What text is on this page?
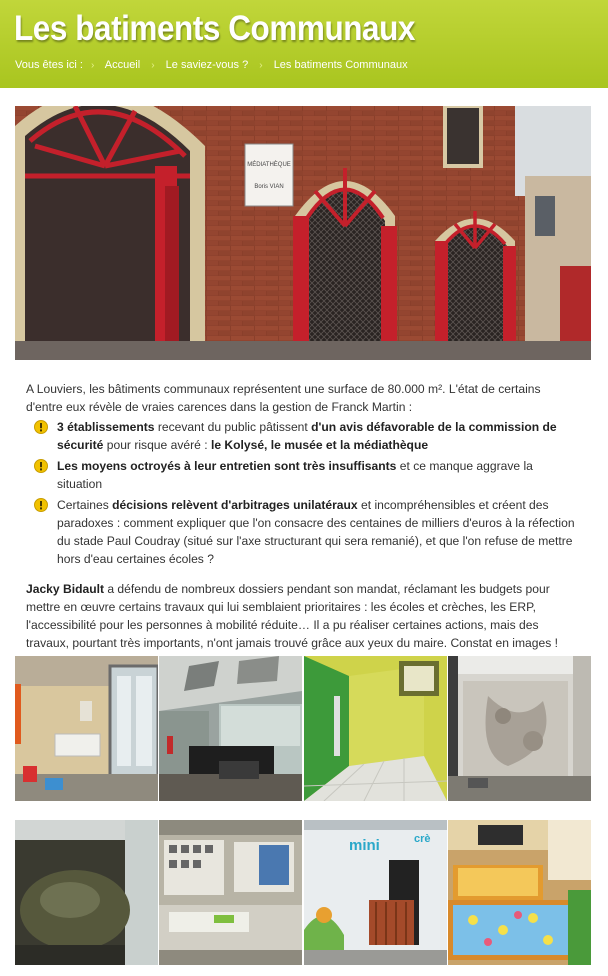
Les batiments Communaux
Vous êtes ici : › Accueil › Le saviez-vous ? › Les batiments Communaux
MÉDIATHÈQUE
Boris VIAN

A Louviers, les bâtiments communaux représentent une surface de 80.000 m². L'état de certains d'entre eux révèle de vraies carences dans la gestion de Franck Martin :

3 établissements recevant du public pâtissent d'un avis défavorable de la commission de sécurité pour risque avéré : le Kolysé, le musée et la médiathèque
Les moyens octroyés à leur entretien sont très insuffisants et ce manque aggrave la situation
Certaines décisions relèvent d'arbitrages unilatéraux et incompréhensibles et créent des paradoxes : comment expliquer que l'on consacre des centaines de milliers d'euros à la réfection du stade Paul Coudray (situé sur l'axe structurant qui sera remanié), et que l'on refuse de mettre hors d'eau certaines écoles ?

Jacky Bidault a défendu de nombreux dossiers pendant son mandat, réclamant les budgets pour mettre en œuvre certains travaux qui lui semblaient prioritaires : les écoles et crèches, les ERP, l'accessibilité pour les personnes à mobilité réduite… Il a pu réaliser certaines actions, mais des travaux, pourtant très importants, n'ont jamais trouvé grâce aux yeux du maire. Constat en images !

mini	crè
